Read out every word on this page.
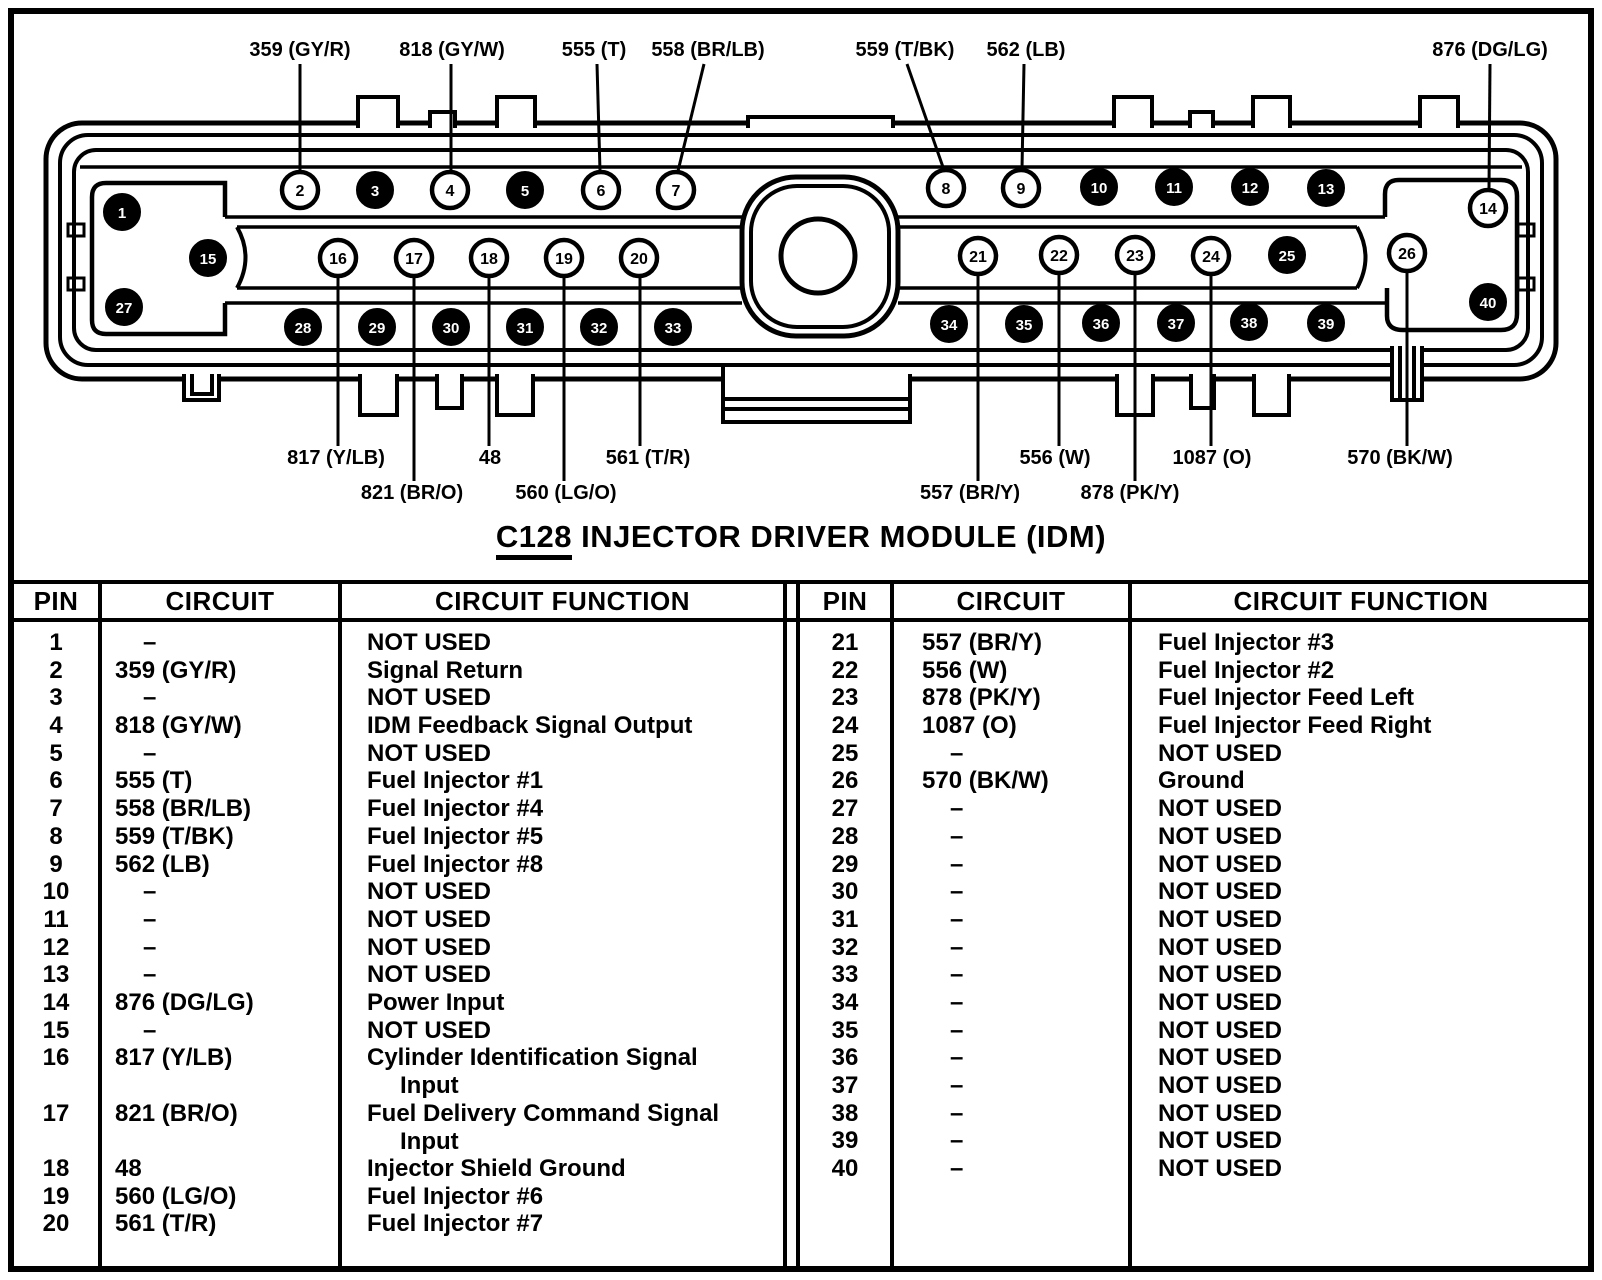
1
2	3	4	5	6	7	8	9	10	11	12	13
14
15	16	17	18	19	20	21	22	23	24	25	26
27
28	29	30	31	32	33	34	35	36	37	38	39
40
359 (GY/R) 818 (GY/W)	555 (T) 558 (BR/LB)	559 (T/BK) 562 (LB)	876 (DG/LG)
817 (Y/LB)	48	561 (T/R)	556 (W)	1087 (O)	570 (BK/W)
821 (BR/O)	560 (LG/O)	557 (BR/Y)	878 (PK/Y)
C128 INJECTOR DRIVER MODULE (IDM)
PIN	CIRCUIT	CIRCUIT FUNCTION	PIN	CIRCUIT	CIRCUIT FUNCTION
1	–	NOT USED
2	359 (GY/R)	Signal Return
3	–	NOT USED
4	818 (GY/W)	IDM Feedback Signal Output
5	–	NOT USED
6	555 (T)	Fuel Injector #1
7	558 (BR/LB)	Fuel Injector #4
8	559 (T/BK)	Fuel Injector #5
9	562 (LB)	Fuel Injector #8
10	–	NOT USED
11	–	NOT USED
12	–	NOT USED
13	–	NOT USED
14	876 (DG/LG)	Power Input
15	–	NOT USED
16	817 (Y/LB)	Cylinder Identification Signal
Input
17	821 (BR/O)	Fuel Delivery Command Signal
Input
18	48	Injector Shield Ground
19	560 (LG/O)	Fuel Injector #6
20	561 (T/R)	Fuel Injector #7
21	557 (BR/Y)	Fuel Injector #3
22	556 (W)	Fuel Injector #2
23	878 (PK/Y)	Fuel Injector Feed Left
24	1087 (O)	Fuel Injector Feed Right
25	–	NOT USED
26	570 (BK/W)	Ground
27	–	NOT USED
28	–	NOT USED
29	–	NOT USED
30	–	NOT USED
31	–	NOT USED
32	–	NOT USED
33	–	NOT USED
34	–	NOT USED
35	–	NOT USED
36	–	NOT USED
37	–	NOT USED
38	–	NOT USED
39	–	NOT USED
40	–	NOT USED
